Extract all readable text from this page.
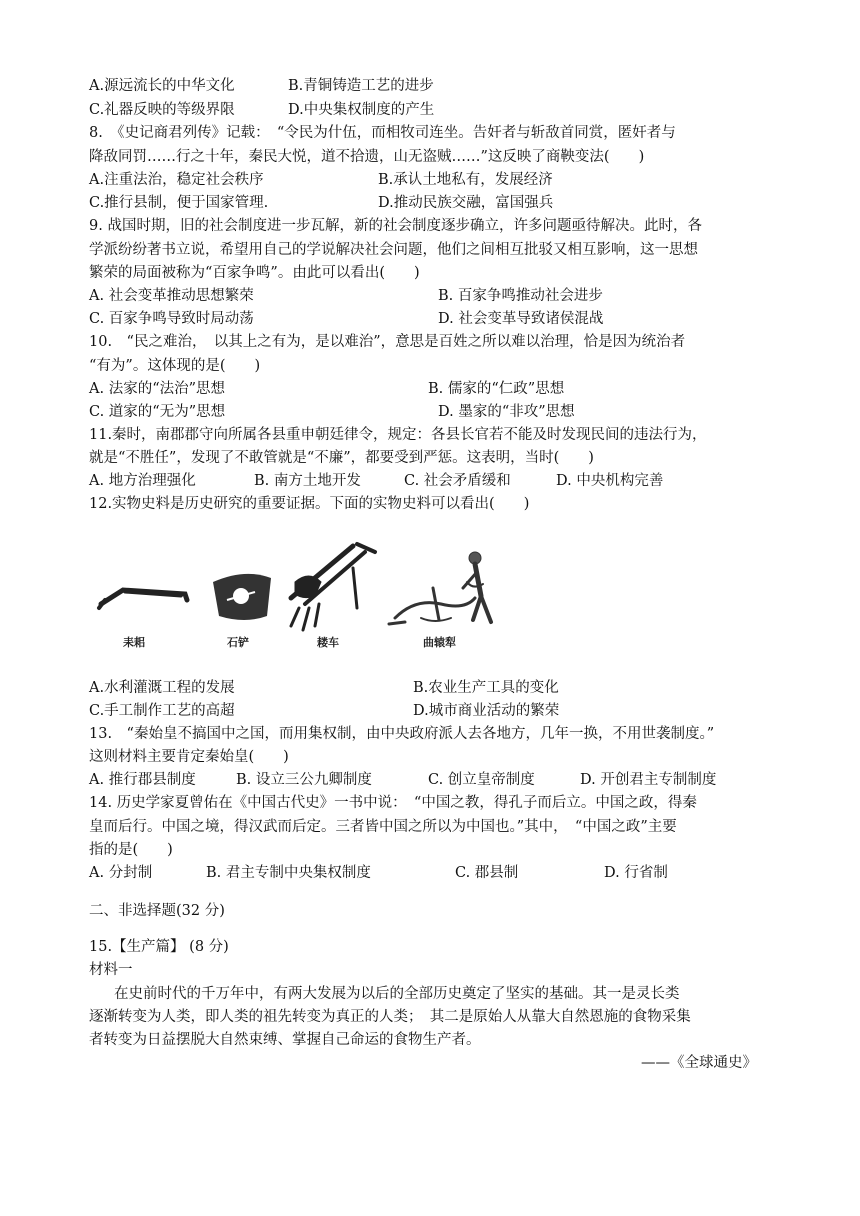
A.源远流长的中华文化	B.青铜铸造工艺的进步
C.礼器反映的等级界限	D.中央集权制度的产生
8.　《史记商君列传》记载：　“令民为什伍，而相牧司连坐。告奸者与斩敌首同赏，匿奸者与
降敌同罚……行之十年，秦民大悦，道不拾遗，山无盗贼……”这反映了商鞅变法(　　)
A.注重法治，稳定社会秩序	B.承认土地私有，发展经济
C.推行县制，便于国家管理.	D.推动民族交融，富国强兵
9. 战国时期，旧的社会制度进一步瓦解，新的社会制度逐步确立，许多问题亟待解决。此时，各
学派纷纷著书立说，希望用自己的学说解决社会问题，他们之间相互批驳又相互影响，这一思想
繁荣的局面被称为“百家争鸣”。由此可以看出(　　)
A. 社会变革推动思想繁荣	B. 百家争鸣推动社会进步
C. 百家争鸣导致时局动荡	D. 社会变革导致诸侯混战
10.　“民之难治，　以其上之有为，是以难治”，意思是百姓之所以难以治理，恰是因为统治者
“有为”。这体现的是(　　)
A. 法家的“法治”思想	B. 儒家的“仁政”思想
C. 道家的“无为”思想	D. 墨家的“非攻”思想
11.秦时，南郡郡守向所属各县重申朝廷律令，规定：各县长官若不能及时发现民间的违法行为，
就是“不胜任”，发现了不敢管就是“不廉”，都要受到严惩。这表明，当时(　　)
A. 地方治理强化	B. 南方土地开发	C. 社会矛盾缓和	D. 中央机构完善
12.实物史料是历史研究的重要证据。下面的实物史料可以看出(　　)
耒耜	石铲	耧车	曲辕犁
A.水利灌溉工程的发展	B.农业生产工具的变化
C.手工制作工艺的高超	D.城市商业活动的繁荣
13.　“秦始皇不搞国中之国，而用集权制，由中央政府派人去各地方，几年一换，不用世袭制度。”
这则材料主要肯定秦始皇(　　)
A. 推行郡县制度	B. 设立三公九卿制度	C. 创立皇帝制度	D. 开创君主专制制度
14. 历史学家夏曾佑在《中国古代史》一书中说：　“中国之教，得孔子而后立。中国之政，得秦
皇而后行。中国之境，得汉武而后定。三者皆中国之所以为中国也。”其中，　“中国之政”主要
指的是(　　)
A. 分封制	B. 君主专制中央集权制度	C. 郡县制	D. 行省制
二、非选择题(32 分)
15.【生产篇】 (8 分)
材料一
在史前时代的千万年中，有两大发展为以后的全部历史奠定了坚实的基础。其一是灵长类
逐渐转变为人类，即人类的祖先转变为真正的人类；　其二是原始人从靠大自然恩施的食物采集
者转变为日益摆脱大自然束缚、掌握自己命运的食物生产者。
——《全球通史》
